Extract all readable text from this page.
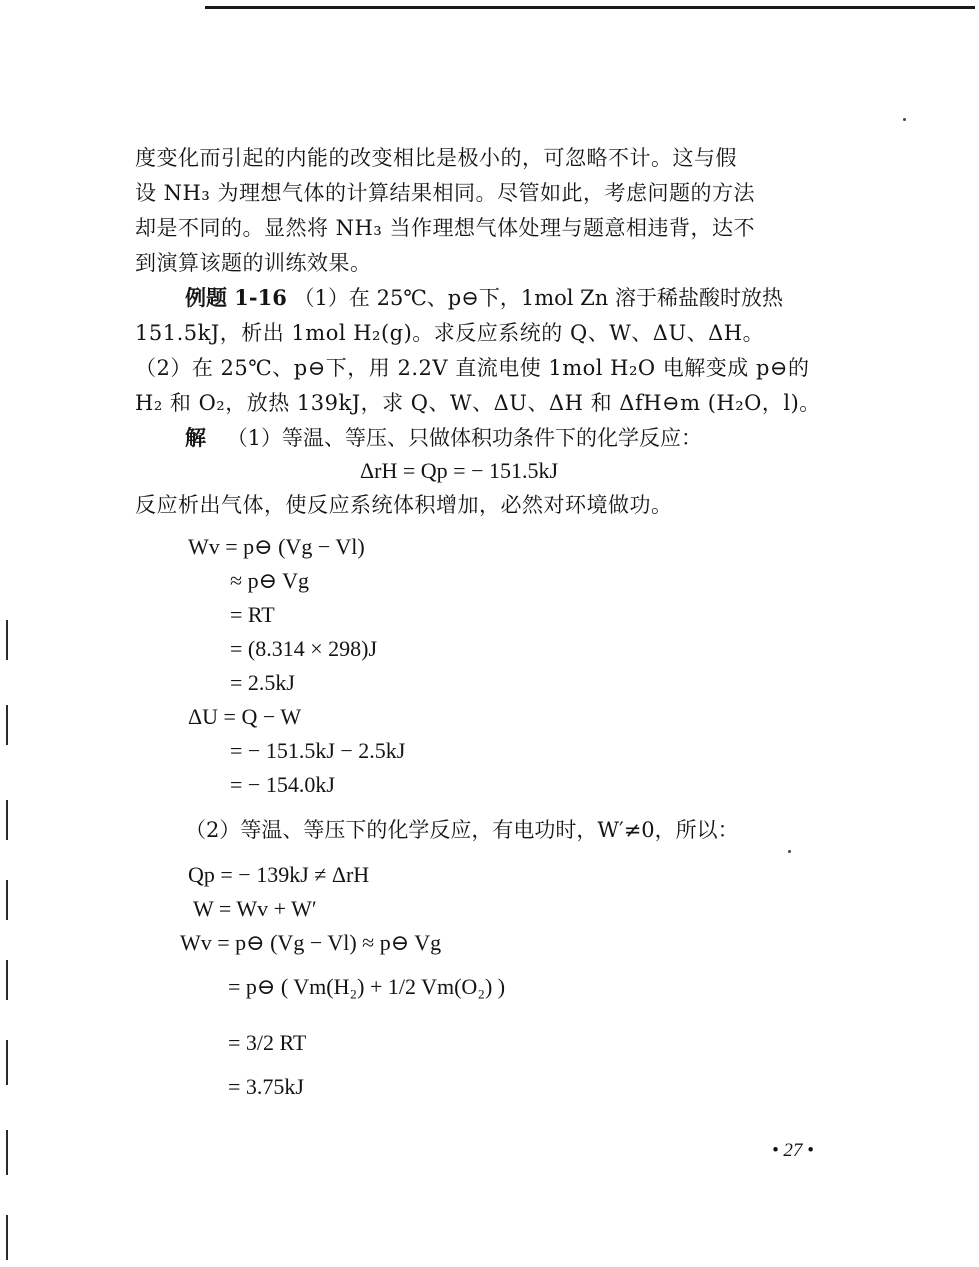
度变化而引起的内能的改变相比是极小的，可忽略不计。这与假
设 NH₃ 为理想气体的计算结果相同。尽管如此，考虑问题的方法
却是不同的。显然将 NH₃ 当作理想气体处理与题意相违背，达不
到演算该题的训练效果。
例题 1-16 （1）在 25℃、p⊖下，1mol Zn 溶于稀盐酸时放热
151.5kJ，析出 1mol H₂(g)。求反应系统的 Q、W、ΔU、ΔH。
（2）在 25℃、p⊖下，用 2.2V 直流电使 1mol H₂O 电解变成 p⊖的
H₂ 和 O₂，放热 139kJ，求 Q、W、ΔU、ΔH 和 ΔfH⊖m (H₂O，l)。
解 （1）等温、等压、只做体积功条件下的化学反应：
ΔrH = Qp = − 151.5kJ
反应析出气体，使反应系统体积增加，必然对环境做功。
Wv = p⊖ (Vg − Vl)
≈ p⊖ Vg
= RT
= (8.314 × 298)J
= 2.5kJ
ΔU = Q − W
= − 151.5kJ − 2.5kJ
= − 154.0kJ
（2）等温、等压下的化学反应，有电功时，W′≠0，所以：
Qp = − 139kJ ≠ ΔrH
W = Wv + W′
Wv = p⊖ (Vg − Vl) ≈ p⊖ Vg
= p⊖ ( Vm(H₂) + 1/2 Vm(O₂) )
= 3/2 RT
= 3.75kJ
• 27 •
